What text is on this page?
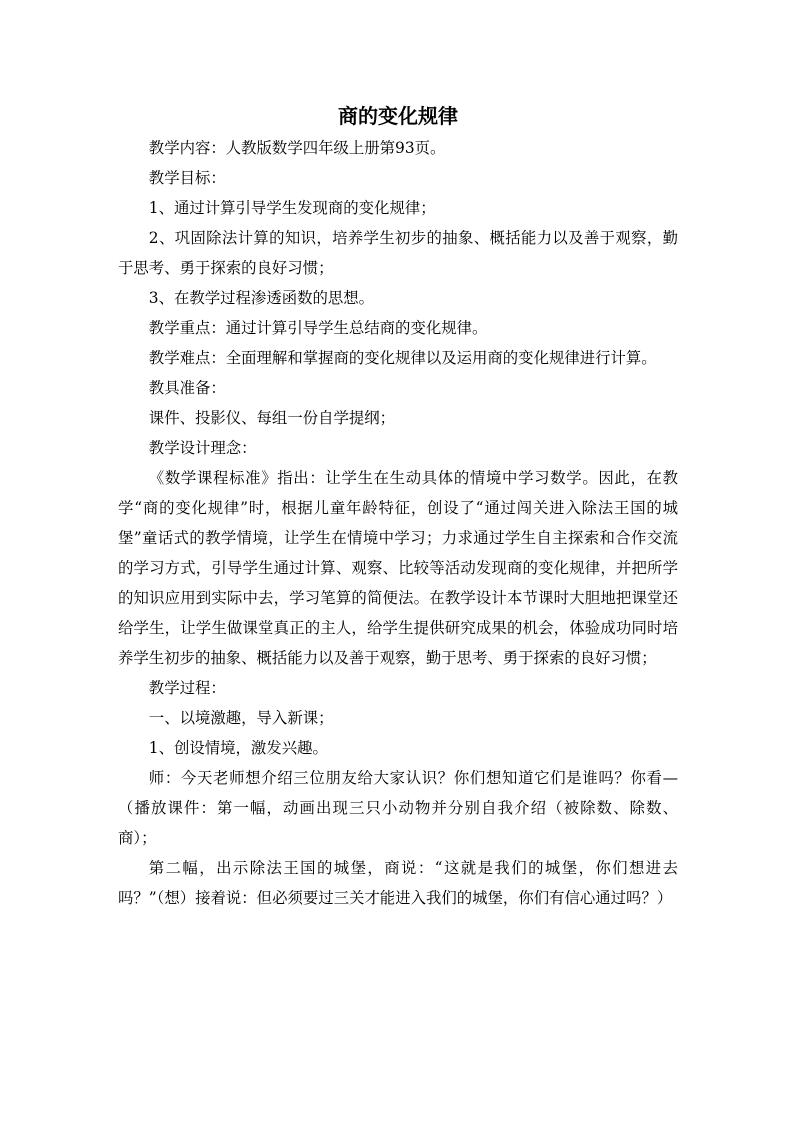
商的变化规律

教学内容：人教版数学四年级上册第93页。

教学目标：

1、通过计算引导学生发现商的变化规律；

2、巩固除法计算的知识，培养学生初步的抽象、概括能力以及善于观察，勤于思考、勇于探索的良好习惯；

3、在教学过程渗透函数的思想。

教学重点：通过计算引导学生总结商的变化规律。

教学难点：全面理解和掌握商的变化规律以及运用商的变化规律进行计算。

教具准备：

课件、投影仪、每组一份自学提纲；

教学设计理念：

《数学课程标准》指出：让学生在生动具体的情境中学习数学。因此，在教学“商的变化规律”时，根据儿童年龄特征，创设了“通过闯关进入除法王国的城堡”童话式的教学情境，让学生在情境中学习；力求通过学生自主探索和合作交流的学习方式，引导学生通过计算、观察、比较等活动发现商的变化规律，并把所学的知识应用到实际中去，学习笔算的简便法。在教学设计本节课时大胆地把课堂还给学生，让学生做课堂真正的主人，给学生提供研究成果的机会，体验成功同时培养学生初步的抽象、概括能力以及善于观察，勤于思考、勇于探索的良好习惯；

教学过程：

一、以境激趣，导入新课；

1、创设情境，激发兴趣。

师：今天老师想介绍三位朋友给大家认识？你们想知道它们是谁吗？你看—（播放课件：第一幅，动画出现三只小动物并分别自我介绍（被除数、除数、商）；

第二幅，出示除法王国的城堡，商说：“这就是我们的城堡，你们想进去吗？”（想）接着说：但必须要过三关才能进入我们的城堡，你们有信心通过吗？）
